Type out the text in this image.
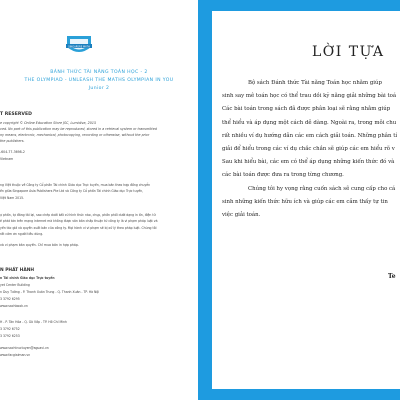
SINGAPORE MATH
BÁNH THỨC TÀI NĂNG TOÁN HỌC - 2
THE OLYMPIAD - UNLEASH THE MATHS OLYMPIAN IN YOU
Junior 2
T RESERVED
e copyright © Online Education Store JSC, Lumidiva, 2015
ved. No part of this publication may be reproduced, stored in a retrieval system or transmitted
ny means, electronic, mechanical, photocopying, recording or otherwise, without the prior
the publishers.
-604-77-3698-2
Vietnam

ng Việt thuộc về Công ty Cổ phần Tài chính Giáo dục Trực tuyến, mua bản theo hợp đồng chuyển

ền giữa Singapore Asia Publishers Pte Ltd và Công ty Cổ phần Tài chính Giáo dục Trực tuyến,

Việt Nam 2015.

ự phần, tự đăng tải lại, sao chép dưới bất cứ hình thức nào, chụp, phần phối dưới dạng in ấn, điện tử

ẻ phát tán trên mạng internet mà không được văn bản chấp thuận từ công ty là vi phạm pháp luật và

yền tác giả và quyền xuất bản của công ty. Mọi hành vi vi phạm sẽ bị xử lý theo pháp luật. Chúng tôi

rất cảm ơn người tiêu dùng.

và vi phạm bản quyền. Chỉ mua bản in hợp pháp.
N PHÁT HÀNH
n Tài chính Giáo dục Trực tuyến
yet Center Building
n Duy Tường - P. Thanh Xuân Trung - Q. Thanh Xuân - TP. Hà Nội
3 3792 6295
www.sachbook.vn
H - P. Tân Hòa - Q. Gò Vấp - TP. Hồ Chí Minh
3 3792 6752
3 3792 6253
www.sachtructuyen@aguavi.vn
www.facgiaiman.vn
LỜI TỰA

Bộ sách Đánh thức Tài năng Toán học nhằm giúp

sinh say mê toán học có thể trau dồi kỹ năng giải những bài toá

Các bài toán trong sách đã được phân loại sẽ rằng nhằm giúp

thể hiểu và áp dụng một cách dễ dàng. Ngoài ra, trong mỗi chu

rất nhiều ví dụ hướng dẫn các em cách giải toán. Những phân tí

giải để hiểu trong các ví dụ chắc chắn sẽ giúp các em hiểu rõ v

Sau khi hiểu bài, các em có thể áp dụng những kiến thức đó và

các bài toán được đưa ra trong từng chương.

Chúng tôi hy vọng rằng cuốn sách sẽ cung cấp cho cá

sinh những kiến thức hữu ích và giúp các em cảm thấy tự tin

việc giải toán.

Te
